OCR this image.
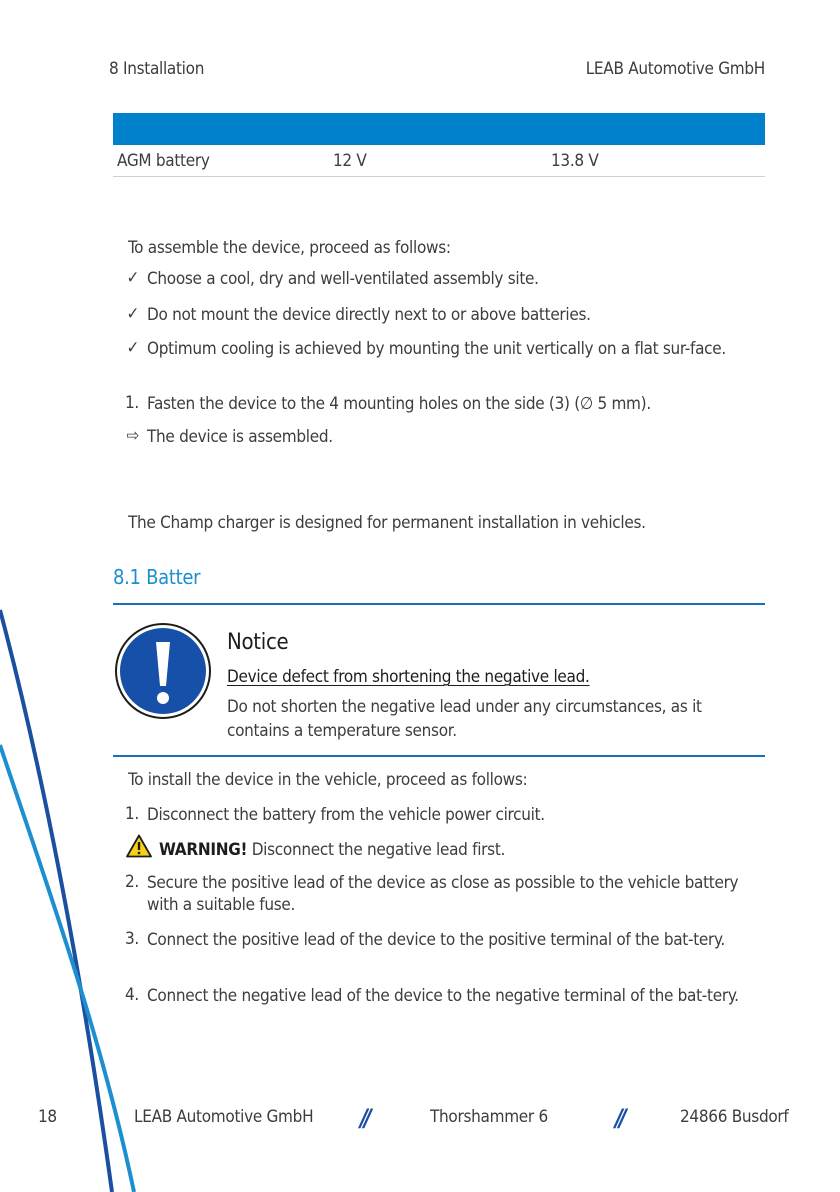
8 Installation	LEAB Automotive GmbH
AGM battery	12 V	13.8 V
To assemble the device, proceed as follows:
✓ Choose a cool, dry and well-ventilated assembly site.
✓ Do not mount the device directly next to or above batteries.
✓ Optimum cooling is achieved by mounting the unit vertically on a flat sur-face.
1. Fasten the device to the 4 mounting holes on the side (3) (∅ 5 mm).
⇨ The device is assembled.
The Champ charger is designed for permanent installation in vehicles.
8.1 Batter
Notice
Device defect from shortening the negative lead.
Do not shorten the negative lead under any circumstances, as it contains a temperature sensor.
To install the device in the vehicle, proceed as follows:
1. Disconnect the battery from the vehicle power circuit.
WARNING! Disconnect the negative lead first.
2. Secure the positive lead of the device as close as possible to the vehicle battery with a suitable fuse.
3. Connect the positive lead of the device to the positive terminal of the bat-tery.
4. Connect the negative lead of the device to the negative terminal of the bat-tery.
18	LEAB Automotive GmbH //	Thorshammer 6	//	24866 Busdorf
